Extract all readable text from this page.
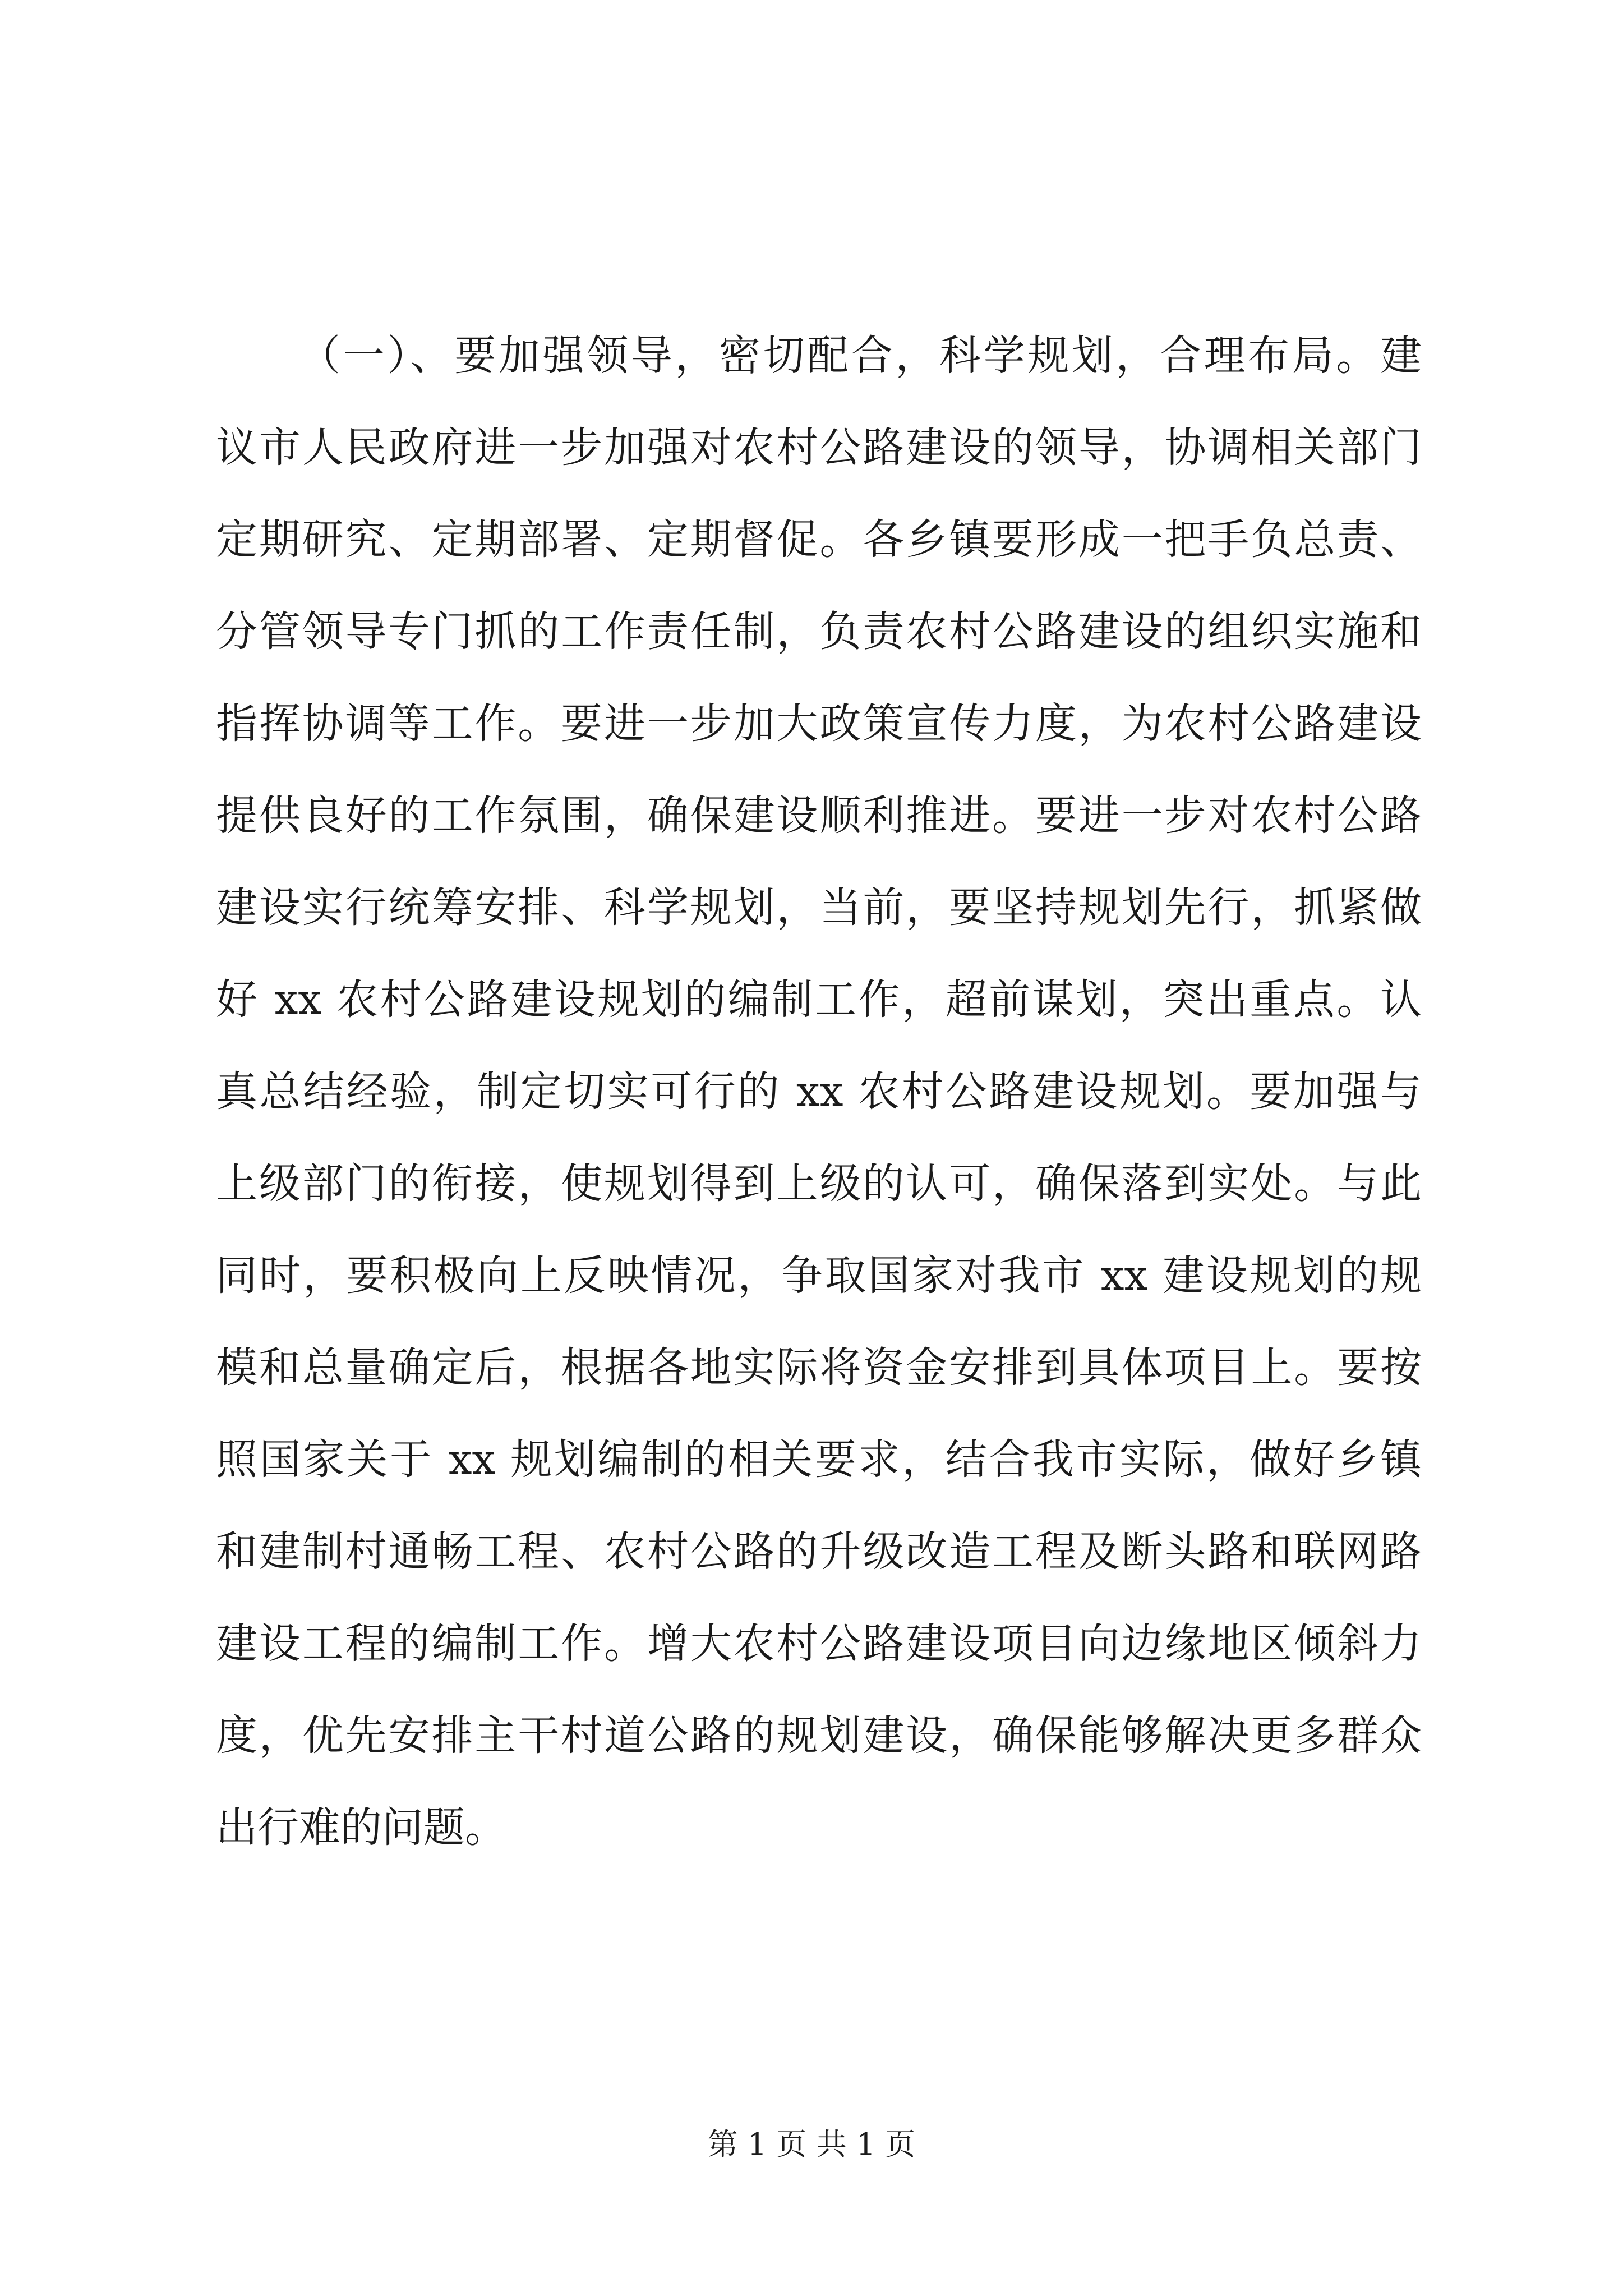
（一）、要加强领导，密切配合，科学规划，合理布局。建
议市人民政府进一步加强对农村公路建设的领导，协调相关部门
定期研究、定期部署、定期督促。各乡镇要形成一把手负总责、
分管领导专门抓的工作责任制，负责农村公路建设的组织实施和
指挥协调等工作。要进一步加大政策宣传力度，为农村公路建设
提供良好的工作氛围，确保建设顺利推进。要进一步对农村公路
建设实行统筹安排、科学规划，当前，要坚持规划先行，抓紧做
好 xx 农村公路建设规划的编制工作，超前谋划，突出重点。认
真总结经验，制定切实可行的 xx 农村公路建设规划。要加强与
上级部门的衔接，使规划得到上级的认可，确保落到实处。与此
同时，要积极向上反映情况，争取国家对我市 xx 建设规划的规
模和总量确定后，根据各地实际将资金安排到具体项目上。要按
照国家关于 xx 规划编制的相关要求，结合我市实际，做好乡镇
和建制村通畅工程、农村公路的升级改造工程及断头路和联网路
建设工程的编制工作。增大农村公路建设项目向边缘地区倾斜力
度，优先安排主干村道公路的规划建设，确保能够解决更多群众
出行难的问题。
第 1 页 共 1 页
